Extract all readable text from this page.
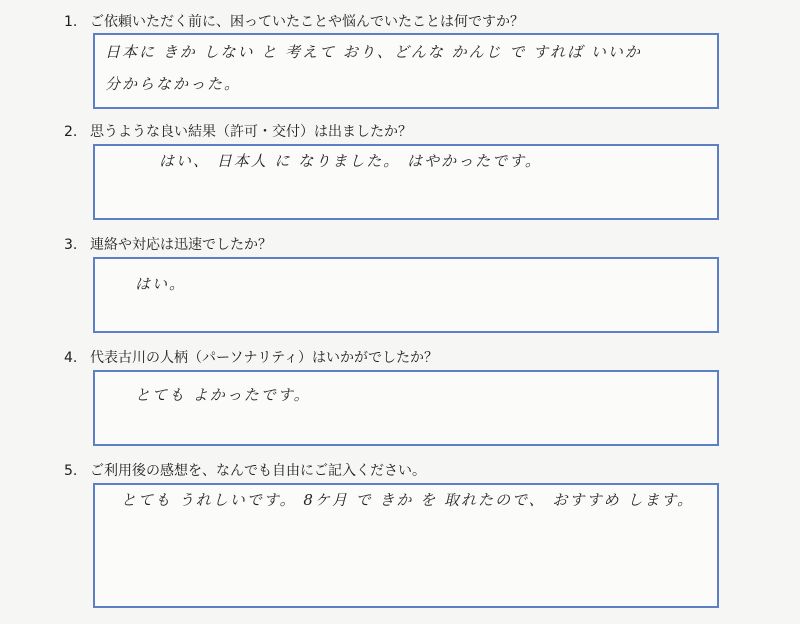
1. ご依頼いただく前に、困っていたことや悩んでいたことは何ですか？
日本に きか しない と 考えて おり、どんな かんじ で すれば いいか
分からなかった。
2. 思うような良い結果（許可・交付）は出ましたか？
はい、 日本人 に なりました。 はやかったです。
3. 連絡や対応は迅速でしたか？
はい。
4. 代表古川の人柄（パーソナリティ）はいかがでしたか？
とても よかったです。
5. ご利用後の感想を、なんでも自由にご記入ください。
とても うれしいです。 8ケ月 で きか を 取れたので、 おすすめ します。
